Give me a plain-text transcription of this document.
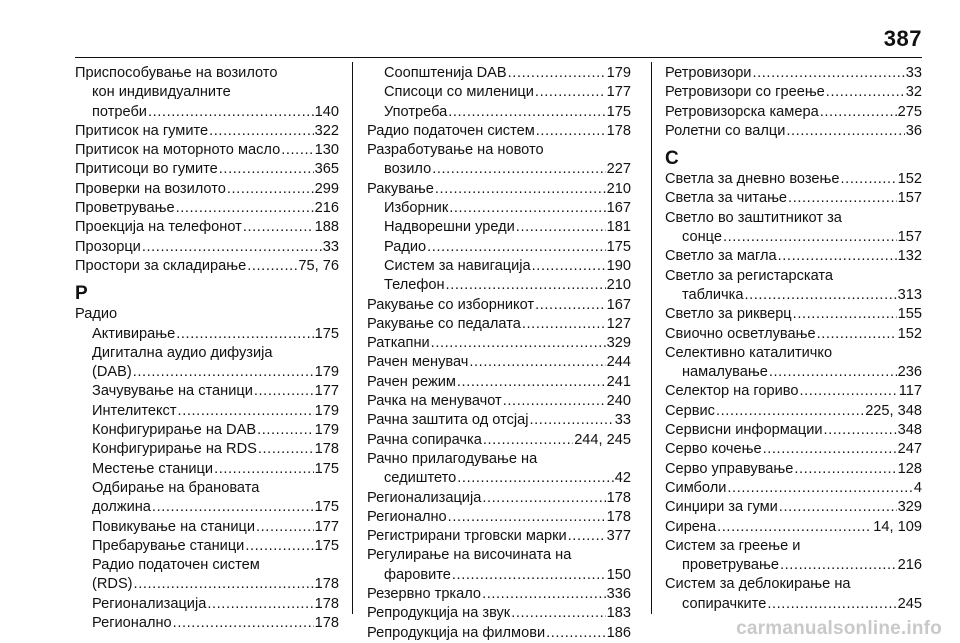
387
Приспособување на возилото
кон индивидуалните
потреби .....	140
Притисок на гумите .....	322
Притисок на моторното масло ..... 130
Притисоци во гумите .....	365
Проверки на возилото .....	299
Проветрување .....	216
Проекција на телефонот .....	188
Прозорци .....	33
Простори за складирање .....	75, 76
Р
Радио
Активирање .....	175
Дигитална аудио дифузија
(DAB) .....	179
Зачувување на станици .....	177
Интелитекст .....	179
Конфигурирање на DAB .....	179
Конфигурирање на RDS .....	178
Местење станици .....	175
Одбирање на брановата
должина .....	175
Повикување на станици .....	177
Пребарување станици .....	175
Радио податочен систем
(RDS) .....	178
Регионализација .....	178
Регионално .....	178
Соопштенија DAB .....	179
Списоци со миленици .....	177
Употреба .....	175
Радио податочен систем .....	178
Разработување на новото
возило .....	227
Ракување .....	210
Изборник .....	167
Надворешни уреди .....	181
Радио .....	175
Систем за навигација .....	190
Телефон .....	210
Ракување со изборникот .....	167
Ракување со педалата .....	127
Раткапни .....	329
Рачен менувач .....	244
Рачен режим .....	241
Рачка на менувачот .....	240
Рачна заштита од отсјај .....	33
Рачна сопирачка .....	244, 245
Рачно прилагодување на
седиштето .....	42
Регионализација .....	178
Регионално .....	178
Регистрирани трговски марки .....	377
Регулирање на височината на
фаровите .....	150
Резервно тркало .....	336
Репродукција на звук .....	183
Репродукција на филмови .....	186
Ретровизори .....	33
Ретровизори со греење .....	32
Ретровизорска камера .....	275
Ролетни со валци .....	36
С
Светла за дневно возење .....	152
Светла за читање .....	157
Светло во заштитникот за
сонце .....	157
Светло за магла .....	132
Светло за регистарската
табличка .....	313
Светло за рикверц .....	155
Свиочно осветлување .....	152
Селективно каталитичко
намалување .....	236
Селектор на гориво .....	117
Сервис .....	225, 348
Сервисни информации .....	348
Серво кочење .....	247
Серво управување .....	128
Симболи .....	4
Синџири за гуми .....	329
Сирена .....	14, 109
Систем за греење и
проветрување .....	216
Систем за деблокирање на
сопирачките .....	245
carmanualsonline.info
